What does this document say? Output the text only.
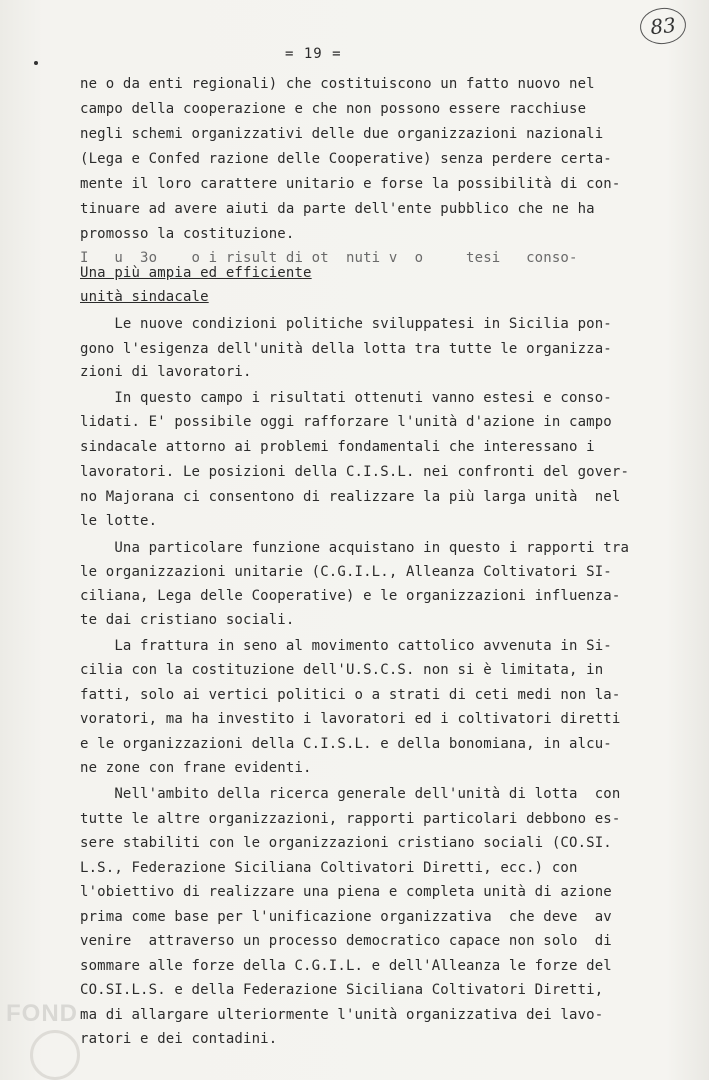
83
= 19 =
ne o da enti regionali) che costituiscono un fatto nuovo nel
campo della cooperazione e che non possono essere racchiuse
negli schemi organizzativi delle due organizzazioni nazionali
(Lega e Confed razione delle Cooperative) senza perdere certa-
mente il loro carattere unitario e forse la possibilità di con-
tinuare ad avere aiuti da parte dell'ente pubblico che ne ha
promosso la costituzione.
I   u  3o    o i risult di ot  nuti v  o     tesi   conso-
Una più ampia ed efficiente
unità sindacale
Le nuove condizioni politiche sviluppatesi in Sicilia pon-
gono l'esigenza dell'unità della lotta tra tutte le organizza-
zioni di lavoratori.
In questo campo i risultati ottenuti vanno estesi e conso-
lidati. E' possibile oggi rafforzare l'unità d'azione in campo
sindacale attorno ai problemi fondamentali che interessano i
lavoratori. Le posizioni della C.I.S.L. nei confronti del gover-
no Majorana ci consentono di realizzare la più larga unità  nel
le lotte.
Una particolare funzione acquistano in questo i rapporti tra
le organizzazioni unitarie (C.G.I.L., Alleanza Coltivatori SI-
ciliana, Lega delle Cooperative) e le organizzazioni influenza-
te dai cristiano sociali.
La frattura in seno al movimento cattolico avvenuta in Si-
cilia con la costituzione dell'U.S.C.S. non si è limitata, in
fatti, solo ai vertici politici o a strati di ceti medi non la-
voratori, ma ha investito i lavoratori ed i coltivatori diretti
e le organizzazioni della C.I.S.L. e della bonomiana, in alcu-
ne zone con frane evidenti.
Nell'ambito della ricerca generale dell'unità di lotta  con
tutte le altre organizzazioni, rapporti particolari debbono es-
sere stabiliti con le organizzazioni cristiano sociali (CO.SI.
L.S., Federazione Siciliana Coltivatori Diretti, ecc.) con
l'obiettivo di realizzare una piena e completa unità di azione
prima come base per l'unificazione organizzativa  che deve  av
venire  attraverso un processo democratico capace non solo  di
sommare alle forze della C.G.I.L. e dell'Alleanza le forze del
CO.SI.L.S. e della Federazione Siciliana Coltivatori Diretti,
ma di allargare ulteriormente l'unità organizzativa dei lavo-
ratori e dei contadini.
FOND
